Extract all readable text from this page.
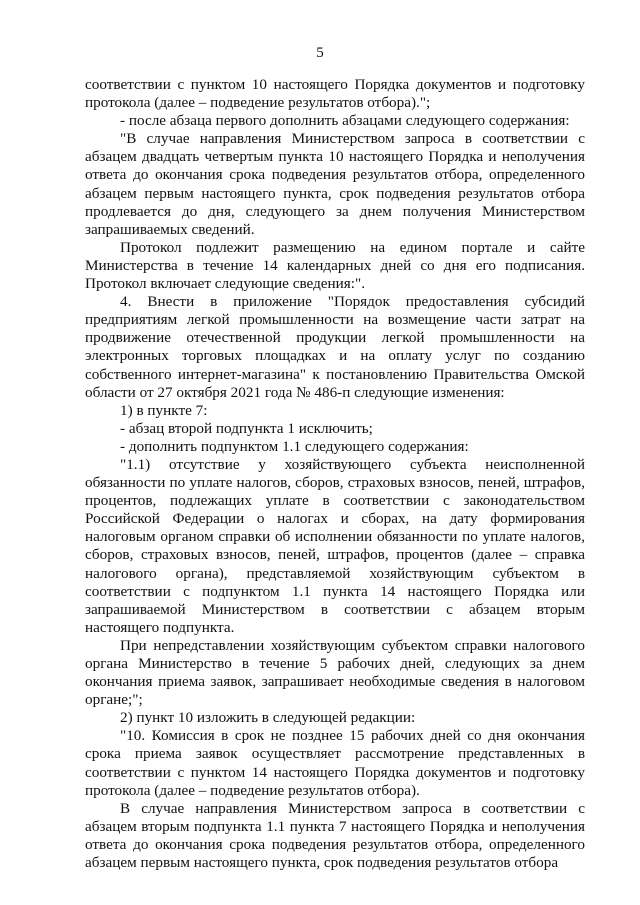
5

соответствии с пунктом 10 настоящего Порядка документов и подготовку протокола (далее – подведение результатов отбора).";

- после абзаца первого дополнить абзацами следующего содержания:

"В случае направления Министерством запроса в соответствии с абзацем двадцать четвертым пункта 10 настоящего Порядка и неполучения ответа до окончания срока подведения результатов отбора, определенного абзацем первым настоящего пункта, срок подведения результатов отбора продлевается до дня, следующего за днем получения Министерством запрашиваемых сведений.

Протокол подлежит размещению на едином портале и сайте Министерства в течение 14 календарных дней со дня его подписания. Протокол включает следующие сведения:".

4. Внести в приложение "Порядок предоставления субсидий предприятиям легкой промышленности на возмещение части затрат на продвижение отечественной продукции легкой промышленности на электронных торговых площадках и на оплату услуг по созданию собственного интернет-магазина" к постановлению Правительства Омской области от 27 октября 2021 года № 486-п следующие изменения:

1) в пункте 7:

- абзац второй подпункта 1 исключить;

- дополнить подпунктом 1.1 следующего содержания:

"1.1) отсутствие у хозяйствующего субъекта неисполненной обязанности по уплате налогов, сборов, страховых взносов, пеней, штрафов, процентов, подлежащих уплате в соответствии с законодательством Российской Федерации о налогах и сборах, на дату формирования налоговым органом справки об исполнении обязанности по уплате налогов, сборов, страховых взносов, пеней, штрафов, процентов (далее – справка налогового органа), представляемой хозяйствующим субъектом в соответствии с подпунктом 1.1 пункта 14 настоящего Порядка или запрашиваемой Министерством в соответствии с абзацем вторым настоящего подпункта.

При непредставлении хозяйствующим субъектом справки налогового органа Министерство в течение 5 рабочих дней, следующих за днем окончания приема заявок, запрашивает необходимые сведения в налоговом органе;";

2) пункт 10 изложить в следующей редакции:

"10. Комиссия в срок не позднее 15 рабочих дней со дня окончания срока приема заявок осуществляет рассмотрение представленных в соответствии с пунктом 14 настоящего Порядка документов и подготовку протокола (далее – подведение результатов отбора).

В случае направления Министерством запроса в соответствии с абзацем вторым подпункта 1.1 пункта 7 настоящего Порядка и неполучения ответа до окончания срока подведения результатов отбора, определенного абзацем первым настоящего пункта, срок подведения результатов отбора
